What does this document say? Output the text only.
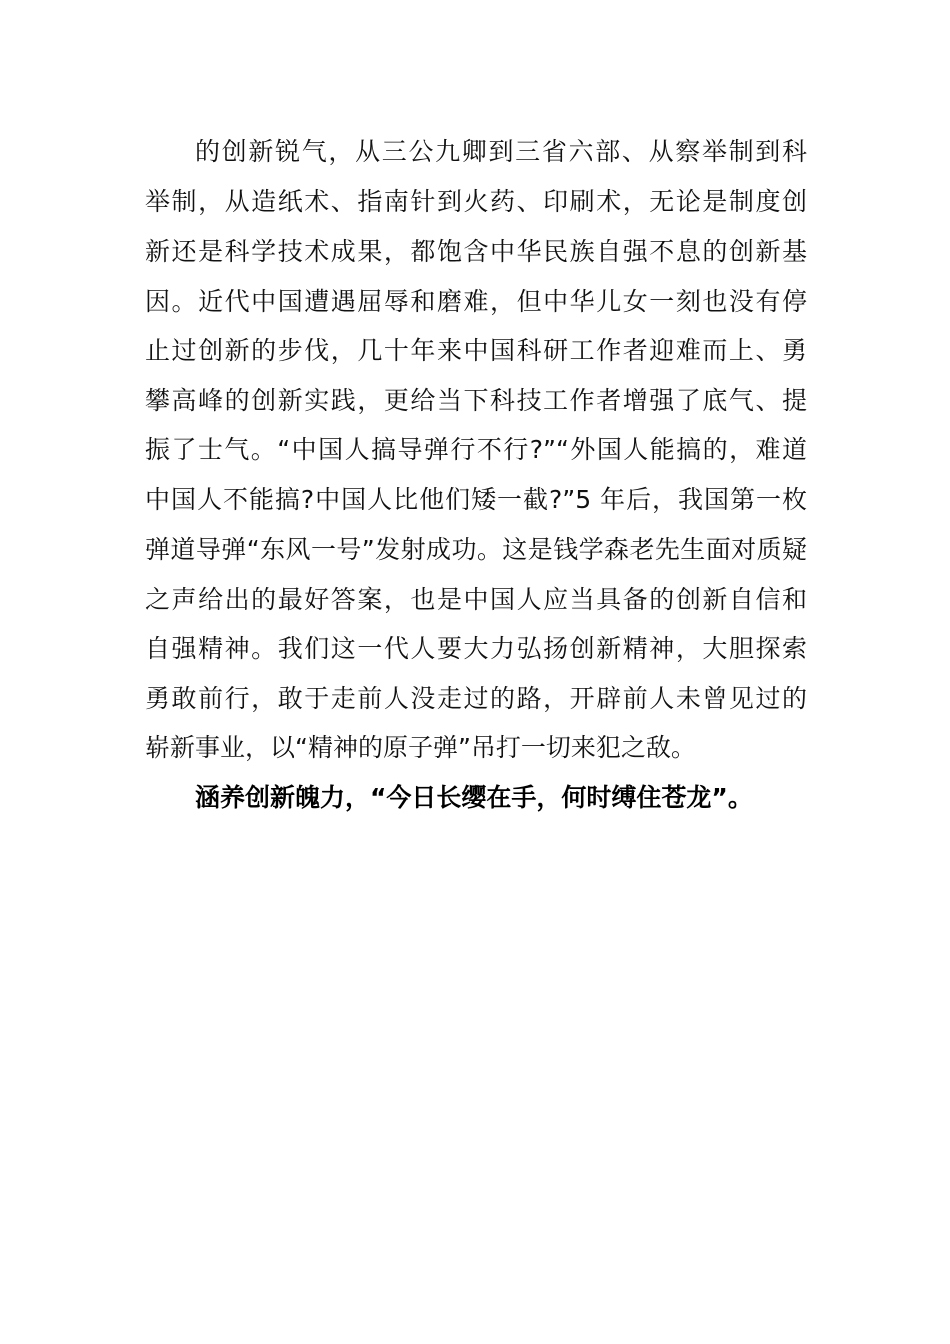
的创新锐气，从三公九卿到三省六部、从察举制到科
举制，从造纸术、指南针到火药、印刷术，无论是制度创
新还是科学技术成果，都饱含中华民族自强不息的创新基
因。近代中国遭遇屈辱和磨难，但中华儿女一刻也没有停
止过创新的步伐，几十年来中国科研工作者迎难而上、勇
攀高峰的创新实践，更给当下科技工作者增强了底气、提
振了士气。“中国人搞导弹行不行?”“外国人能搞的，难道
中国人不能搞?中国人比他们矮一截?”5 年后，我国第一枚
弹道导弹“东风一号”发射成功。这是钱学森老先生面对质疑
之声给出的最好答案，也是中国人应当具备的创新自信和
自强精神。我们这一代人要大力弘扬创新精神，大胆探索
勇敢前行，敢于走前人没走过的路，开辟前人未曾见过的
崭新事业，以“精神的原子弹”吊打一切来犯之敌。
涵养创新魄力，“今日长缨在手，何时缚住苍龙”。
